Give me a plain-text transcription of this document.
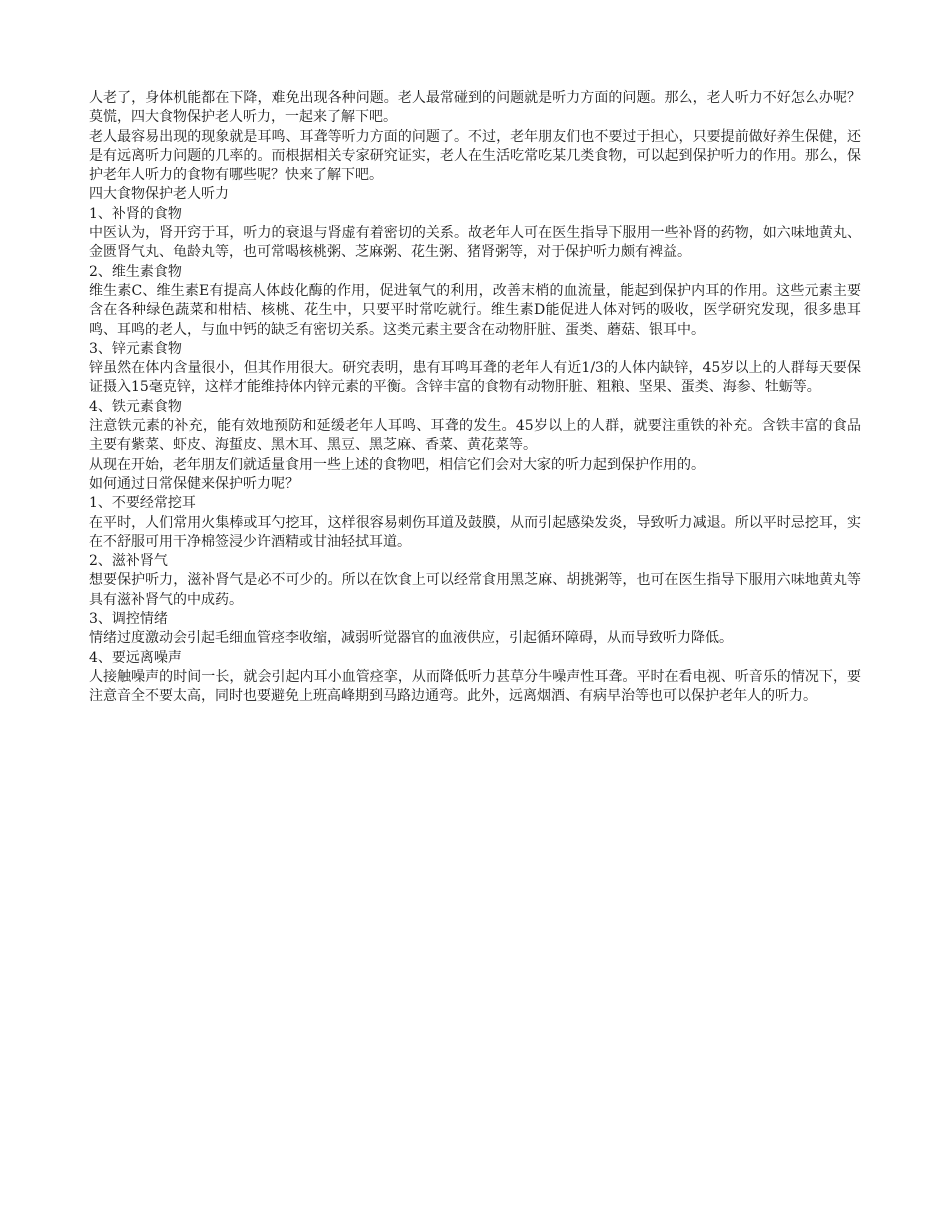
人老了，身体机能都在下降，难免出现各种问题。老人最常碰到的问题就是听力方面的问题。那么，老人听力不好怎么办呢？莫慌，四大食物保护老人听力，一起来了解下吧。

老人最容易出现的现象就是耳鸣、耳聋等听力方面的问题了。不过，老年朋友们也不要过于担心，只要提前做好养生保健，还是有远离听力问题的几率的。而根据相关专家研究证实，老人在生活吃常吃某几类食物，可以起到保护听力的作用。那么，保护老年人听力的食物有哪些呢？快来了解下吧。

四大食物保护老人听力

1、补肾的食物

中医认为，肾开窍于耳，听力的衰退与肾虚有着密切的关系。故老年人可在医生指导下服用一些补肾的药物，如六味地黄丸、金匮肾气丸、龟龄丸等，也可常喝核桃粥、芝麻粥、花生粥、猪肾粥等，对于保护听力颇有裨益。

2、维生素食物

维生素C、维生素E有提高人体歧化酶的作用，促进氧气的利用，改善末梢的血流量，能起到保护内耳的作用。这些元素主要含在各种绿色蔬菜和柑桔、核桃、花生中，只要平时常吃就行。维生素D能促进人体对钙的吸收，医学研究发现，很多患耳鸣、耳鸣的老人，与血中钙的缺乏有密切关系。这类元素主要含在动物肝脏、蛋类、蘑菇、银耳中。

3、锌元素食物

锌虽然在体内含量很小，但其作用很大。研究表明，患有耳鸣耳聋的老年人有近1/3的人体内缺锌，45岁以上的人群每天要保证摄入15毫克锌，这样才能维持体内锌元素的平衡。含锌丰富的食物有动物肝脏、粗粮、坚果、蛋类、海参、牡蛎等。

4、铁元素食物

注意铁元素的补充，能有效地预防和延缓老年人耳鸣、耳聋的发生。45岁以上的人群，就要注重铁的补充。含铁丰富的食品主要有紫菜、虾皮、海蜇皮、黑木耳、黑豆、黑芝麻、香菜、黄花菜等。

从现在开始，老年朋友们就适量食用一些上述的食物吧，相信它们会对大家的听力起到保护作用的。

如何通过日常保健来保护听力呢？

1、不要经常挖耳

在平时，人们常用火集棒或耳勺挖耳，这样很容易刺伤耳道及鼓膜，从而引起感染发炎，导致听力减退。所以平时忌挖耳，实在不舒服可用干净棉签浸少许酒精或甘油轻拭耳道。

2、滋补肾气

想要保护听力，滋补肾气是必不可少的。所以在饮食上可以经常食用黑芝麻、胡挑粥等，也可在医生指导下服用六味地黄丸等具有滋补肾气的中成药。

3、调控情绪

情绪过度激动会引起毛细血管痉李收缩，减弱听觉器官的血液供应，引起循环障碍，从而导致听力降低。

4、要远离噪声

人接触噪声的时间一长，就会引起内耳小血管痉挛，从而降低听力甚草分牛噪声性耳聋。平时在看电视、听音乐的情况下，要注意音全不要太高，同时也要避免上班高峰期到马路边通弯。此外，远离烟酒、有病早治等也可以保护老年人的听力。
